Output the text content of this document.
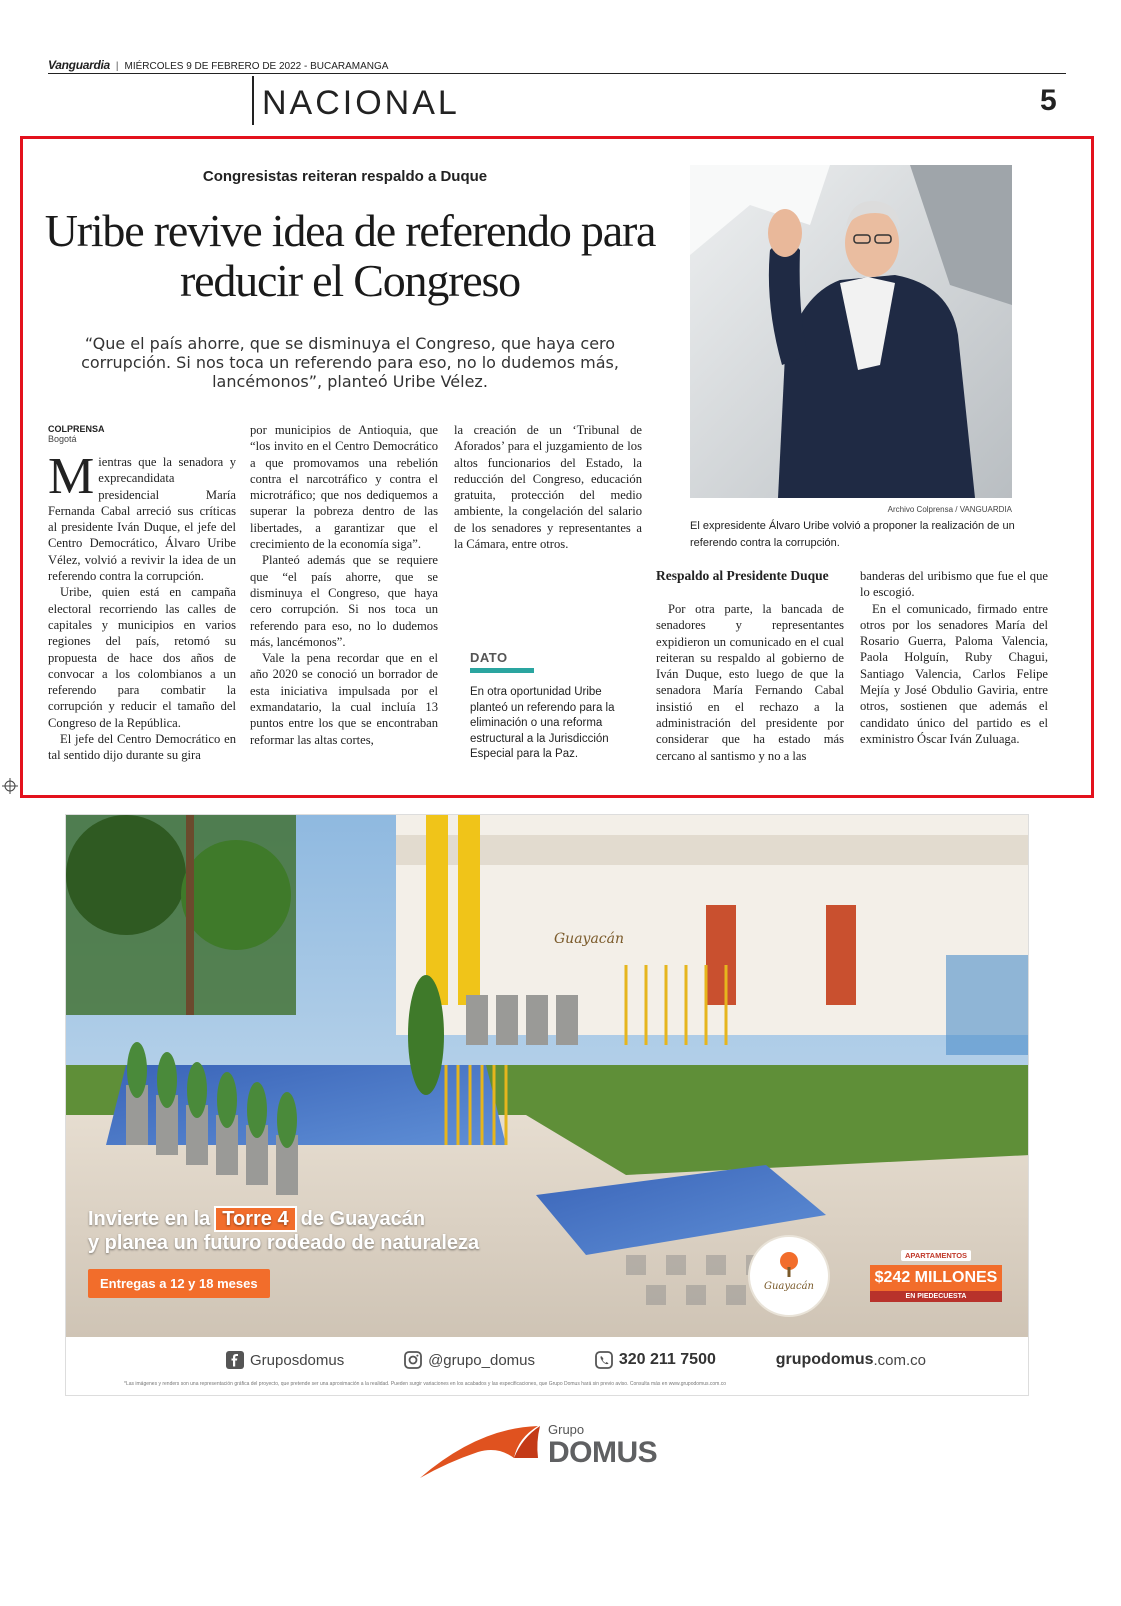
Vanguardia | MIÉRCOLES 9 DE FEBRERO DE 2022 - BUCARAMANGA
NACIONAL	5
Congresistas reiteran respaldo a Duque
Uribe revive idea de referendo para reducir el Congreso
“Que el país ahorre, que se disminuya el Congreso, que haya cero corrupción. Si nos toca un referendo para eso, no lo dudemos más, lancémonos”, planteó Uribe Vélez.
COLPRENSA
Bogotá

Mientras que la senadora y exprecandidata presidencial María Fernanda Cabal arreció sus críticas al presidente Iván Duque, el jefe del Centro Democrático, Álvaro Uribe Vélez, volvió a revivir la idea de un referendo contra la corrupción.

Uribe, quien está en campaña electoral recorriendo las calles de capitales y municipios en varios regiones del país, retomó su propuesta de hace dos años de convocar a los colombianos a un referendo para combatir la corrupción y reducir el tamaño del Congreso de la República.

El jefe del Centro Democrático en tal sentido dijo durante su gira

por municipios de Antioquia, que “los invito en el Centro Democrático a que promovamos una rebelión contra el narcotráfico y contra el microtráfico; que nos dediquemos a superar la pobreza dentro de las libertades, a garantizar que el crecimiento de la economía siga”.

Planteó además que se requiere que “el país ahorre, que se disminuya el Congreso, que haya cero corrupción. Si nos toca un referendo para eso, no lo dudemos más, lancémonos”.

Vale la pena recordar que en el año 2020 se conoció un borrador de esta iniciativa impulsada por el exmandatario, la cual incluía 13 puntos entre los que se encontraban reformar las altas cortes,

la creación de un ‘Tribunal de Aforados’ para el juzgamiento de los altos funcionarios del Estado, la reducción del Congreso, educación gratuita, protección del medio ambiente, la congelación del salario de los senadores y representantes a la Cámara, entre otros.

DATO
En otra oportunidad Uribe planteó un referendo para la eliminación o una reforma estructural a la Jurisdicción Especial para la Paz.
Archivo Colprensa / VANGUARDIA
El expresidente Álvaro Uribe volvió a proponer la realización de un referendo contra la corrupción.
Respaldo al Presidente Duque

Por otra parte, la bancada de senadores y representantes expidieron un comunicado en el cual reiteran su respaldo al gobierno de Iván Duque, esto luego de que la senadora María Fernando Cabal insistió en el rechazo a la administración del presidente por considerar que ha estado más cercano al santismo y no a las

banderas del uribismo que fue el que lo escogió.

En el comunicado, firmado entre otros por los senadores María del Rosario Guerra, Paloma Valencia, Paola Holguín, Ruby Chagui, Santiago Valencia, Carlos Felipe Mejía y José Obdulio Gaviria, entre otros, sostienen que además el candidato único del partido es el exministro Óscar Iván Zuluaga.

Guayacán
Invierte en la Torre 4 de Guayacán
y planea un futuro rodeado de naturaleza
Entregas a 12 y 18 meses	Guayacán
APARTAMENTOS
$242 MILLONES
EN PIEDECUESTA
Gruposdomus	@grupo_domus	320 211 7500	grupodomus .com.co
*Las imágenes y renders son una representación gráfica del proyecto, que pretende ser una aproximación a la realidad. Pueden surgir variaciones en los acabados y las especificaciones, que Grupo Domus hará sin previo aviso. Consulta más en www.grupodomus.com.co
Grupo
DOMUS
